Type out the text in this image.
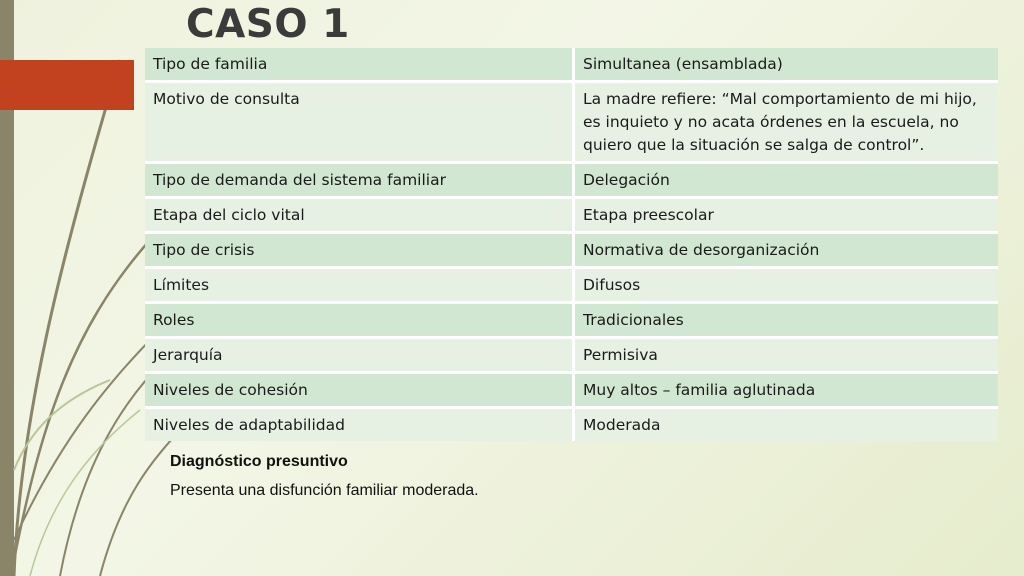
CASO 1
Tipo de familia	Simultanea (ensamblada)
Motivo de consulta	La madre refiere: “Mal comportamiento de mi hijo, es inquieto y no acata órdenes en la escuela, no quiero que la situación se salga de control”.
Tipo de demanda del sistema familiar	Delegación
Etapa del ciclo vital	Etapa preescolar
Tipo de crisis	Normativa de desorganización
Límites	Difusos
Roles	Tradicionales
Jerarquía	Permisiva
Niveles de cohesión	Muy altos – familia aglutinada
Niveles de adaptabilidad	Moderada
Diagnóstico presuntivo
Presenta una disfunción familiar moderada.
